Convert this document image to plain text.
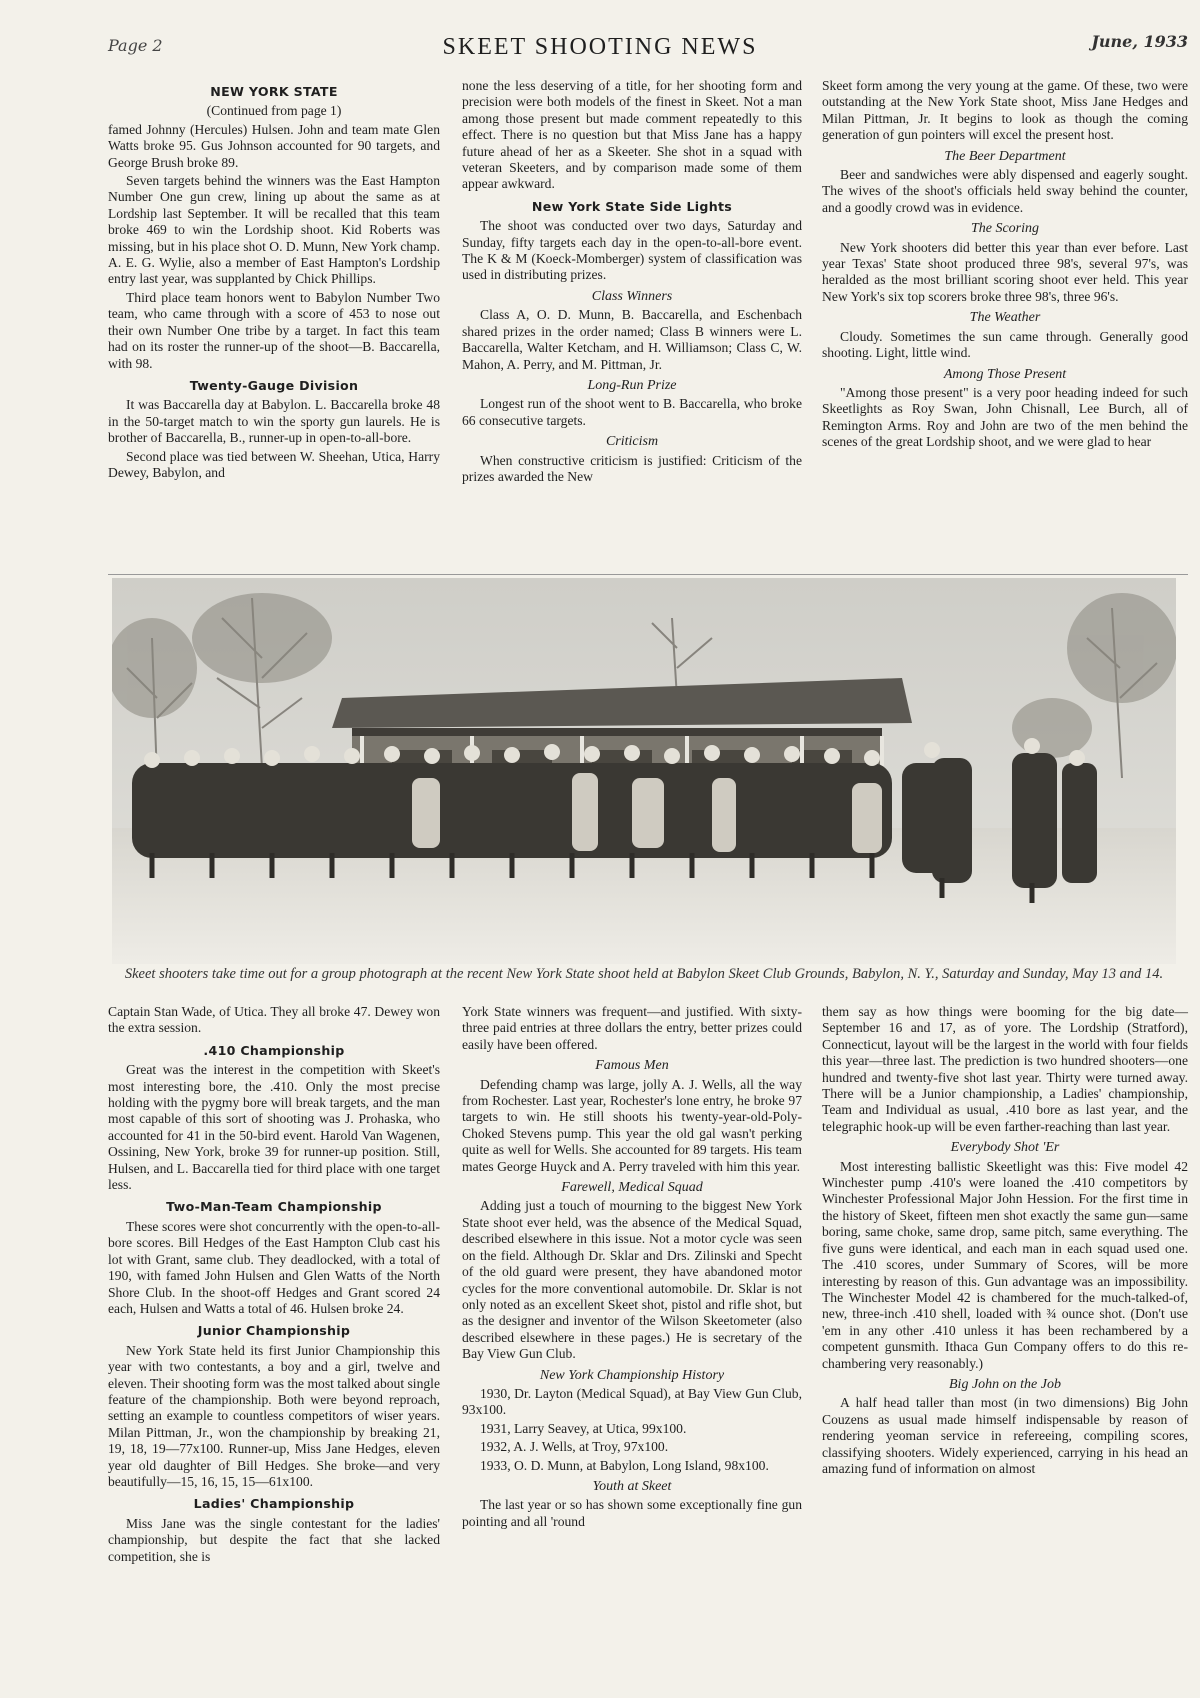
Page 2	SKEET SHOOTING NEWS	June, 1933
NEW YORK STATE

(Continued from page 1)

famed Johnny (Hercules) Hulsen. John and team mate Glen Watts broke 95. Gus Johnson accounted for 90 targets, and George Brush broke 89.

Seven targets behind the winners was the East Hampton Number One gun crew, lining up about the same as at Lordship last September. It will be recalled that this team broke 469 to win the Lordship shoot. Kid Roberts was missing, but in his place shot O. D. Munn, New York champ. A. E. G. Wylie, also a member of East Hampton's Lordship entry last year, was supplanted by Chick Phillips.

Third place team honors went to Babylon Number Two team, who came through with a score of 453 to nose out their own Number One tribe by a target. In fact this team had on its roster the runner-up of the shoot—B. Baccarella, with 98.

Twenty-Gauge Division

It was Baccarella day at Babylon. L. Baccarella broke 48 in the 50-target match to win the sporty gun laurels. He is brother of Baccarella, B., runner-up in open-to-all-bore.

Second place was tied between W. Sheehan, Utica, Harry Dewey, Babylon, and

none the less deserving of a title, for her shooting form and precision were both models of the finest in Skeet. Not a man among those present but made comment repeatedly to this effect. There is no question but that Miss Jane has a happy future ahead of her as a Skeeter. She shot in a squad with veteran Skeeters, and by comparison made some of them appear awkward.

New York State Side Lights

The shoot was conducted over two days, Saturday and Sunday, fifty targets each day in the open-to-all-bore event. The K & M (Koeck-Momberger) system of classification was used in distributing prizes.

Class Winners

Class A, O. D. Munn, B. Baccarella, and Eschenbach shared prizes in the order named; Class B winners were L. Baccarella, Walter Ketcham, and H. Williamson; Class C, W. Mahon, A. Perry, and M. Pittman, Jr.

Long-Run Prize

Longest run of the shoot went to B. Baccarella, who broke 66 consecutive targets.

Criticism

When constructive criticism is justified: Criticism of the prizes awarded the New

Skeet form among the very young at the game. Of these, two were outstanding at the New York State shoot, Miss Jane Hedges and Milan Pittman, Jr. It begins to look as though the coming generation of gun pointers will excel the present host.

The Beer Department

Beer and sandwiches were ably dispensed and eagerly sought. The wives of the shoot's officials held sway behind the counter, and a goodly crowd was in evidence.

The Scoring

New York shooters did better this year than ever before. Last year Texas' State shoot produced three 98's, several 97's, was heralded as the most brilliant scoring shoot ever held. This year New York's six top scorers broke three 98's, three 96's.

The Weather

Cloudy. Sometimes the sun came through. Generally good shooting. Light, little wind.

Among Those Present

"Among those present" is a very poor heading indeed for such Skeetlights as Roy Swan, John Chisnall, Lee Burch, all of Remington Arms. Roy and John are two of the men behind the scenes of the great Lordship shoot, and we were glad to hear

Skeet shooters take time out for a group photograph at the recent New York State shoot held at Babylon Skeet Club Grounds, Babylon, N. Y., Saturday and Sunday, May 13 and 14.

Captain Stan Wade, of Utica. They all broke 47. Dewey won the extra session.

.410 Championship

Great was the interest in the competition with Skeet's most interesting bore, the .410. Only the most precise holding with the pygmy bore will break targets, and the man most capable of this sort of shooting was J. Prohaska, who accounted for 41 in the 50-bird event. Harold Van Wagenen, Ossining, New York, broke 39 for runner-up position. Still, Hulsen, and L. Baccarella tied for third place with one target less.

Two-Man-Team Championship

These scores were shot concurrently with the open-to-all-bore scores. Bill Hedges of the East Hampton Club cast his lot with Grant, same club. They deadlocked, with a total of 190, with famed John Hulsen and Glen Watts of the North Shore Club. In the shoot-off Hedges and Grant scored 24 each, Hulsen and Watts a total of 46. Hulsen broke 24.

Junior Championship

New York State held its first Junior Championship this year with two contestants, a boy and a girl, twelve and eleven. Their shooting form was the most talked about single feature of the championship. Both were beyond reproach, setting an example to countless competitors of wiser years. Milan Pittman, Jr., won the championship by breaking 21, 19, 18, 19—77x100. Runner-up, Miss Jane Hedges, eleven year old daughter of Bill Hedges. She broke—and very beautifully—15, 16, 15, 15—61x100.

Ladies' Championship

Miss Jane was the single contestant for the ladies' championship, but despite the fact that she lacked competition, she is

York State winners was frequent—and justified. With sixty-three paid entries at three dollars the entry, better prizes could easily have been offered.

Famous Men

Defending champ was large, jolly A. J. Wells, all the way from Rochester. Last year, Rochester's lone entry, he broke 97 targets to win. He still shoots his twenty-year-old-Poly-Choked Stevens pump. This year the old gal wasn't perking quite as well for Wells. She accounted for 89 targets. His team mates George Huyck and A. Perry traveled with him this year.

Farewell, Medical Squad

Adding just a touch of mourning to the biggest New York State shoot ever held, was the absence of the Medical Squad, described elsewhere in this issue. Not a motor cycle was seen on the field. Although Dr. Sklar and Drs. Zilinski and Specht of the old guard were present, they have abandoned motor cycles for the more conventional automobile. Dr. Sklar is not only noted as an excellent Skeet shot, pistol and rifle shot, but as the designer and inventor of the Wilson Skeetometer (also described elsewhere in these pages.) He is secretary of the Bay View Gun Club.

New York Championship History

1930, Dr. Layton (Medical Squad), at Bay View Gun Club, 93x100.

1931, Larry Seavey, at Utica, 99x100.

1932, A. J. Wells, at Troy, 97x100.

1933, O. D. Munn, at Babylon, Long Island, 98x100.

Youth at Skeet

The last year or so has shown some exceptionally fine gun pointing and all 'round

them say as how things were booming for the big date—September 16 and 17, as of yore. The Lordship (Stratford), Connecticut, layout will be the largest in the world with four fields this year—three last. The prediction is two hundred shooters—one hundred and twenty-five shot last year. Thirty were turned away. There will be a Junior championship, a Ladies' championship, Team and Individual as usual, .410 bore as last year, and the telegraphic hook-up will be even farther-reaching than last year.

Everybody Shot 'Er

Most interesting ballistic Skeetlight was this: Five model 42 Winchester pump .410's were loaned the .410 competitors by Winchester Professional Major John Hession. For the first time in the history of Skeet, fifteen men shot exactly the same gun—same boring, same choke, same drop, same pitch, same everything. The five guns were identical, and each man in each squad used one. The .410 scores, under Summary of Scores, will be more interesting by reason of this. Gun advantage was an impossibility. The Winchester Model 42 is chambered for the much-talked-of, new, three-inch .410 shell, loaded with ¾ ounce shot. (Don't use 'em in any other .410 unless it has been rechambered by a competent gunsmith. Ithaca Gun Company offers to do this re-chambering very reasonably.)

Big John on the Job

A half head taller than most (in two dimensions) Big John Couzens as usual made himself indispensable by reason of rendering yeoman service in refereeing, compiling scores, classifying shooters. Widely experienced, carrying in his head an amazing fund of information on almost
